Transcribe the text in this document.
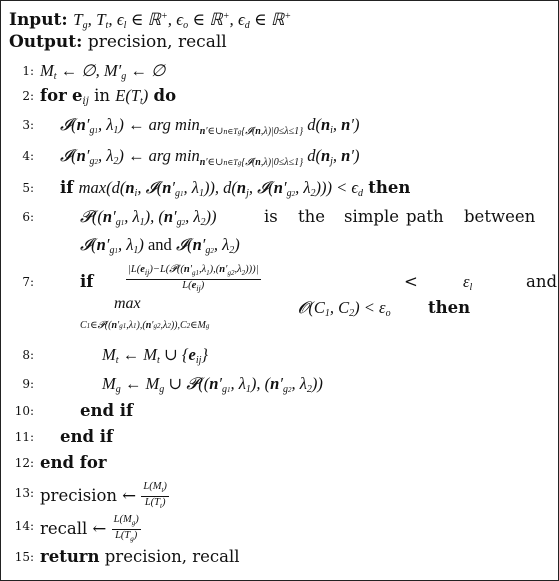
Input: $T_g$, $T_t$, $\epsilon_l$ ∈ ℝ+, $\epsilon_o$ ∈ ℝ+, $\epsilon_d$ ∈ ℝ+
Output: precision, recall
1: $M_t$ ← ∅, $M'_g$ ← ∅
2: for $e_{ij}$ in $E(T_t)$ do
3: $𝓘(n'_{g1}$, $\lambda_1$) ← arg $\min_{n'\in\cup n\in Tg\{𝓘(n,\lambda)|0\le\lambda\le 1\}} d(n_i$, n′)
4: $𝓘(n'_{g2}$, $\lambda_2$) ← arg $\min_{n'\in\cup n\in Tg\{𝓘(n,\lambda)|0\le\lambda\le 1\}} d(n_j$, n′)
5: if $\max(d(n_i$, $𝓘(n'_{g1}$, $\lambda_1$)), $d(n_j$, $𝓘(n'_{g2}$, $\lambda_2))) < \epsilon_d$ then
6:	$𝓟((n'_{g1}$, $\lambda_1$), ($n'_{g2}$, $\lambda_2$))	is the simple path between
$𝓘(n'_{g1}$, $\lambda_1$) and $𝓘(n'_{g2}$, $\lambda_2$)
7:	if	$\frac{|L(e_{ij})-L(𝓟((n'_{g1},\lambda_1),(n'_{g2},\lambda_2)))|}{L(e_{ij})}$	<	$\varepsilon_l$	and
max
C1∈𝓟((n′g1,λ1),(n′g2,λ2)),C2∈Mg
$𝓞(C_1$, $C_2) < \varepsilon_o$ then
8:	$M_t$ ← $M_t$ ∪ $\{e_{ij}\}$
9:	$M_g$ ← $M_g$ ∪ $𝓟((n'_{g1}$, $\lambda_1$), ($n'_{g2}$, $\lambda_2$))
10:	end if
11: end if
12: end for
13: precision ← $\frac{L(M_t)}{L(T_t)}$
14: recall ← $\frac{L(M_g)}{L(T_g)}$
15: return precision, recall
